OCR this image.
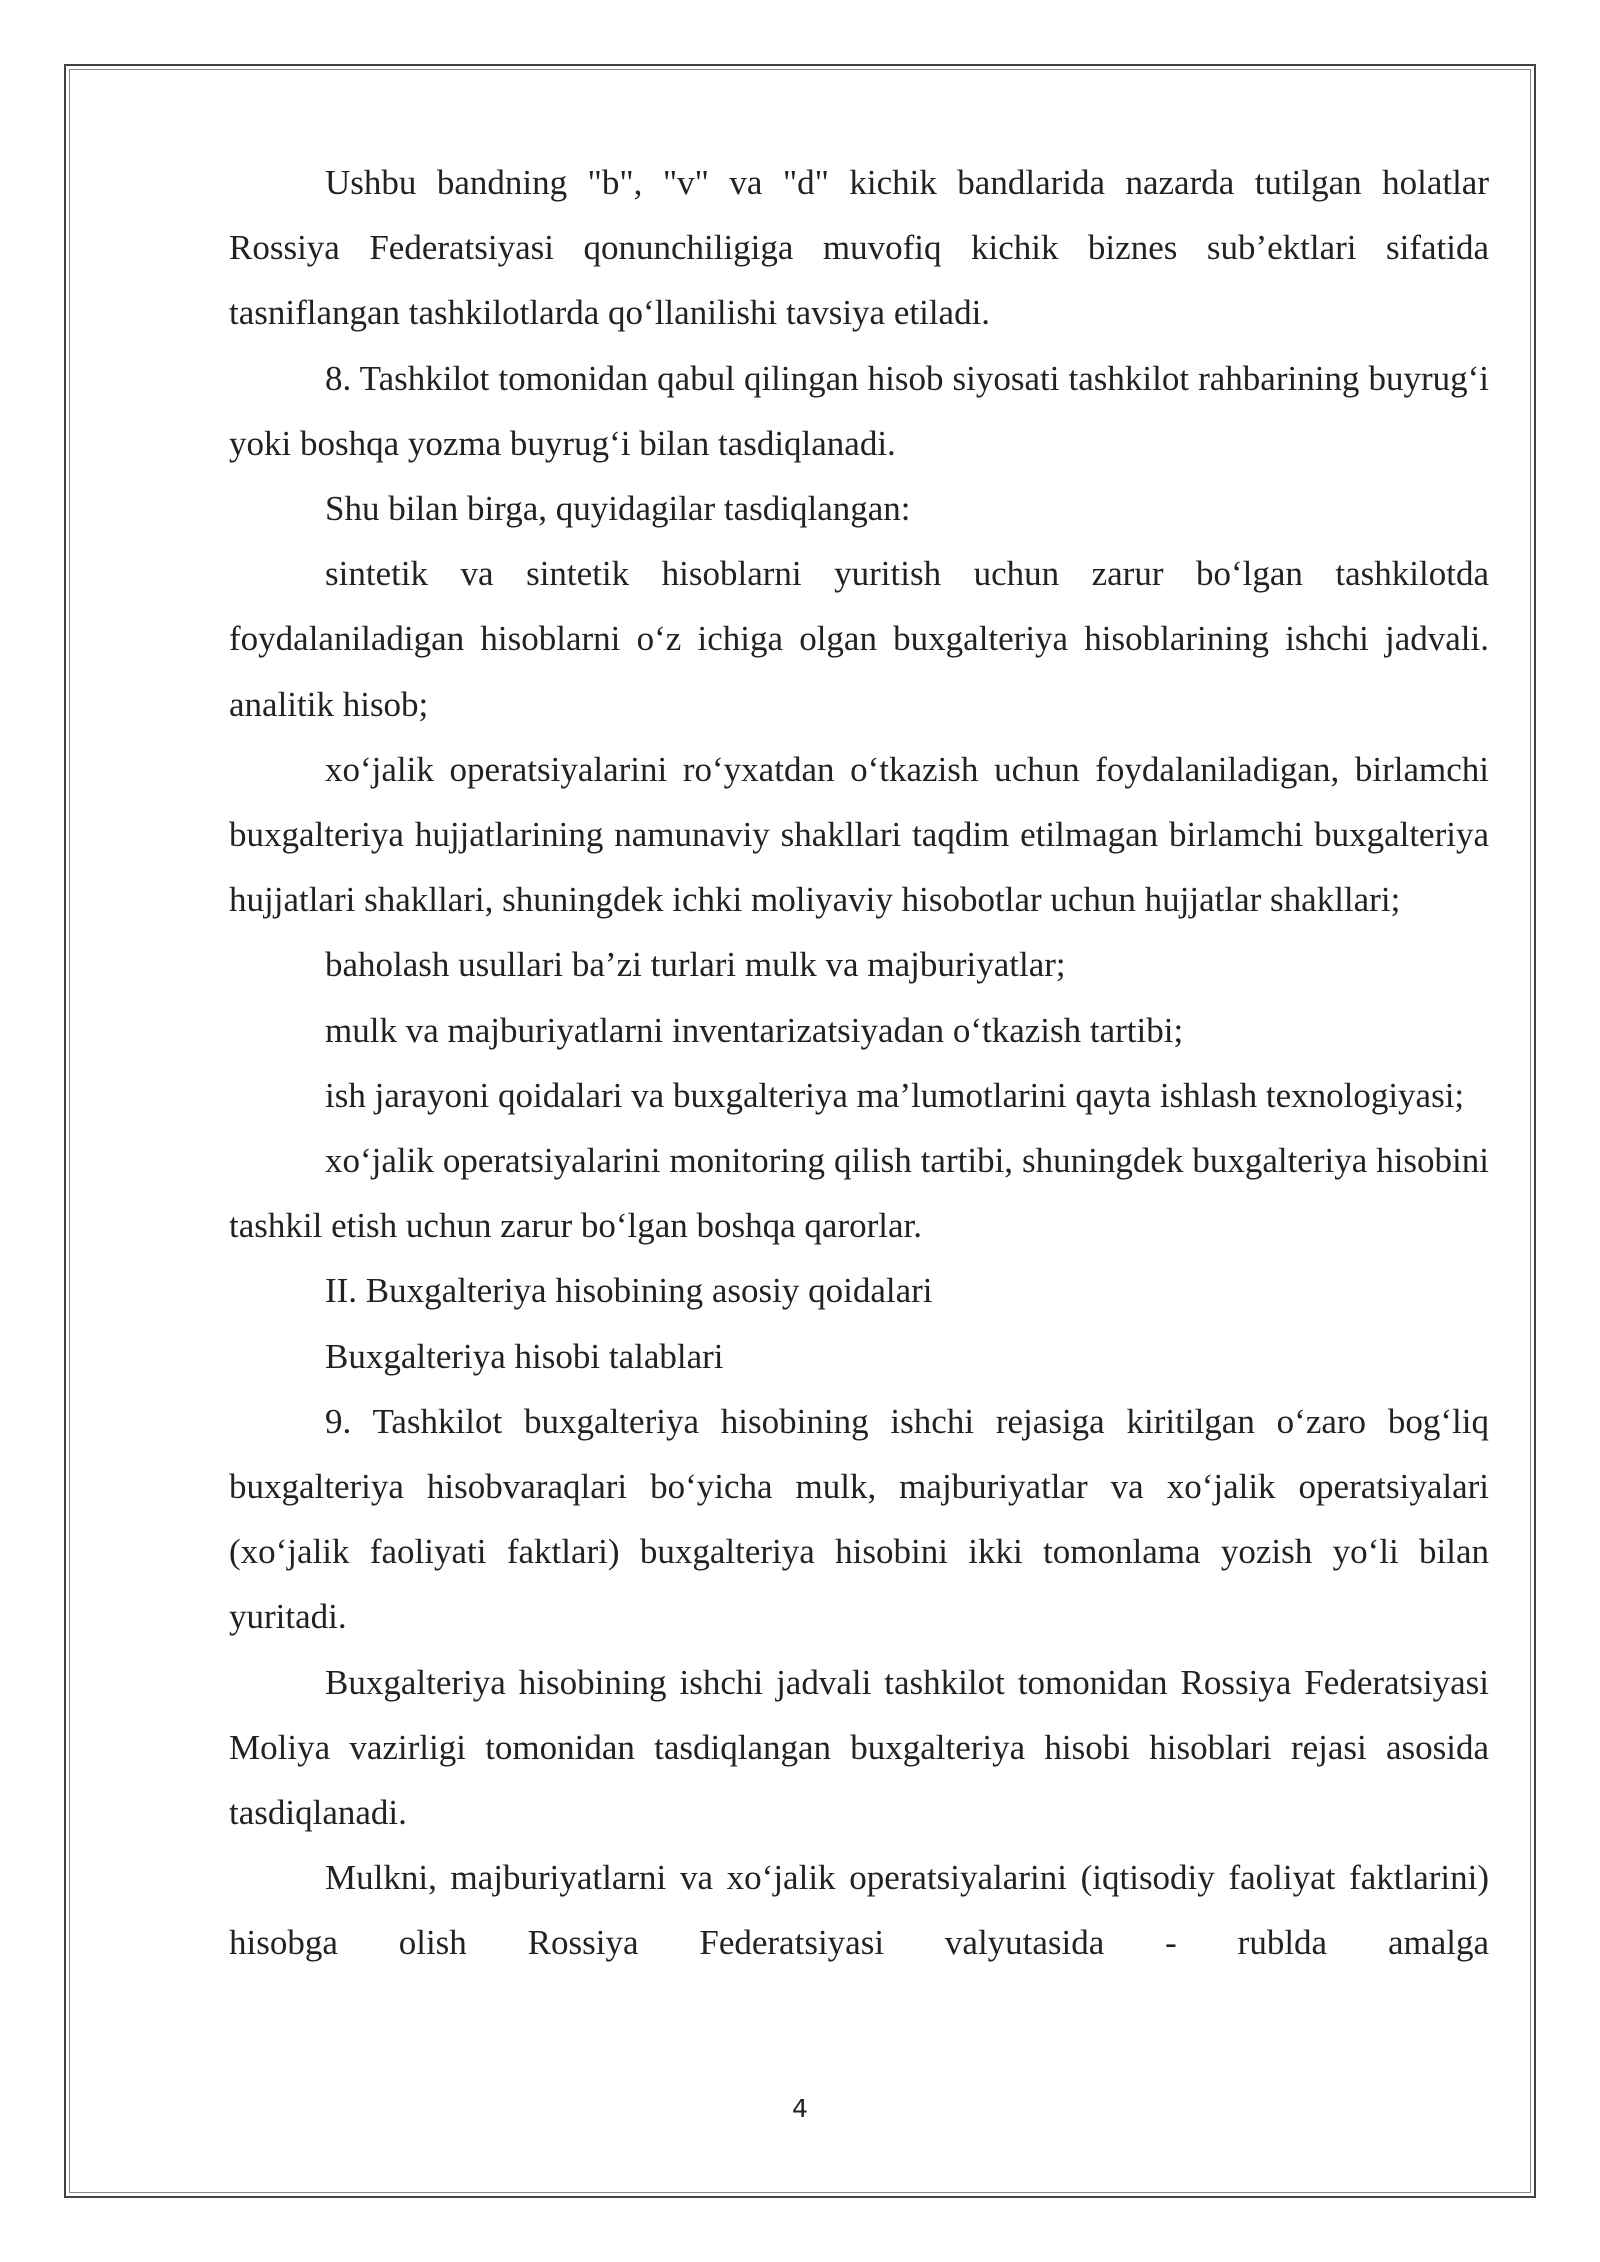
Ushbu bandning "b", "v" va "d" kichik bandlarida nazarda tutilgan holatlar Rossiya Federatsiyasi qonunchiligiga muvofiq kichik biznes sub’ektlari sifatida tasniflangan tashkilotlarda qo‘llanilishi tavsiya etiladi.

8. Tashkilot tomonidan qabul qilingan hisob siyosati tashkilot rahbarining buyrug‘i yoki boshqa yozma buyrug‘i bilan tasdiqlanadi.

Shu bilan birga, quyidagilar tasdiqlangan:

sintetik va sintetik hisoblarni yuritish uchun zarur bo‘lgan tashkilotda foydalaniladigan hisoblarni o‘z ichiga olgan buxgalteriya hisoblarining ishchi jadvali. analitik hisob;

xo‘jalik operatsiyalarini ro‘yxatdan o‘tkazish uchun foydalaniladigan, birlamchi buxgalteriya hujjatlarining namunaviy shakllari taqdim etilmagan birlamchi buxgalteriya hujjatlari shakllari, shuningdek ichki moliyaviy hisobotlar uchun hujjatlar shakllari;

baholash usullari ba’zi turlari mulk va majburiyatlar;

mulk va majburiyatlarni inventarizatsiyadan o‘tkazish tartibi;

ish jarayoni qoidalari va buxgalteriya ma’lumotlarini qayta ishlash texnologiyasi;

xo‘jalik operatsiyalarini monitoring qilish tartibi, shuningdek buxgalteriya hisobini tashkil etish uchun zarur bo‘lgan boshqa qarorlar.

II. Buxgalteriya hisobining asosiy qoidalari

Buxgalteriya hisobi talablari

9. Tashkilot buxgalteriya hisobining ishchi rejasiga kiritilgan o‘zaro bog‘liq buxgalteriya hisobvaraqlari bo‘yicha mulk, majburiyatlar va xo‘jalik operatsiyalari (xo‘jalik faoliyati faktlari) buxgalteriya hisobini ikki tomonlama yozish yo‘li bilan yuritadi.

Buxgalteriya hisobining ishchi jadvali tashkilot tomonidan Rossiya Federatsiyasi Moliya vazirligi tomonidan tasdiqlangan buxgalteriya hisobi hisoblari rejasi asosida tasdiqlanadi.

Mulkni, majburiyatlarni va xo‘jalik operatsiyalarini (iqtisodiy faoliyat faktlarini) hisobga olish Rossiya Federatsiyasi valyutasida - rublda amalga

4
